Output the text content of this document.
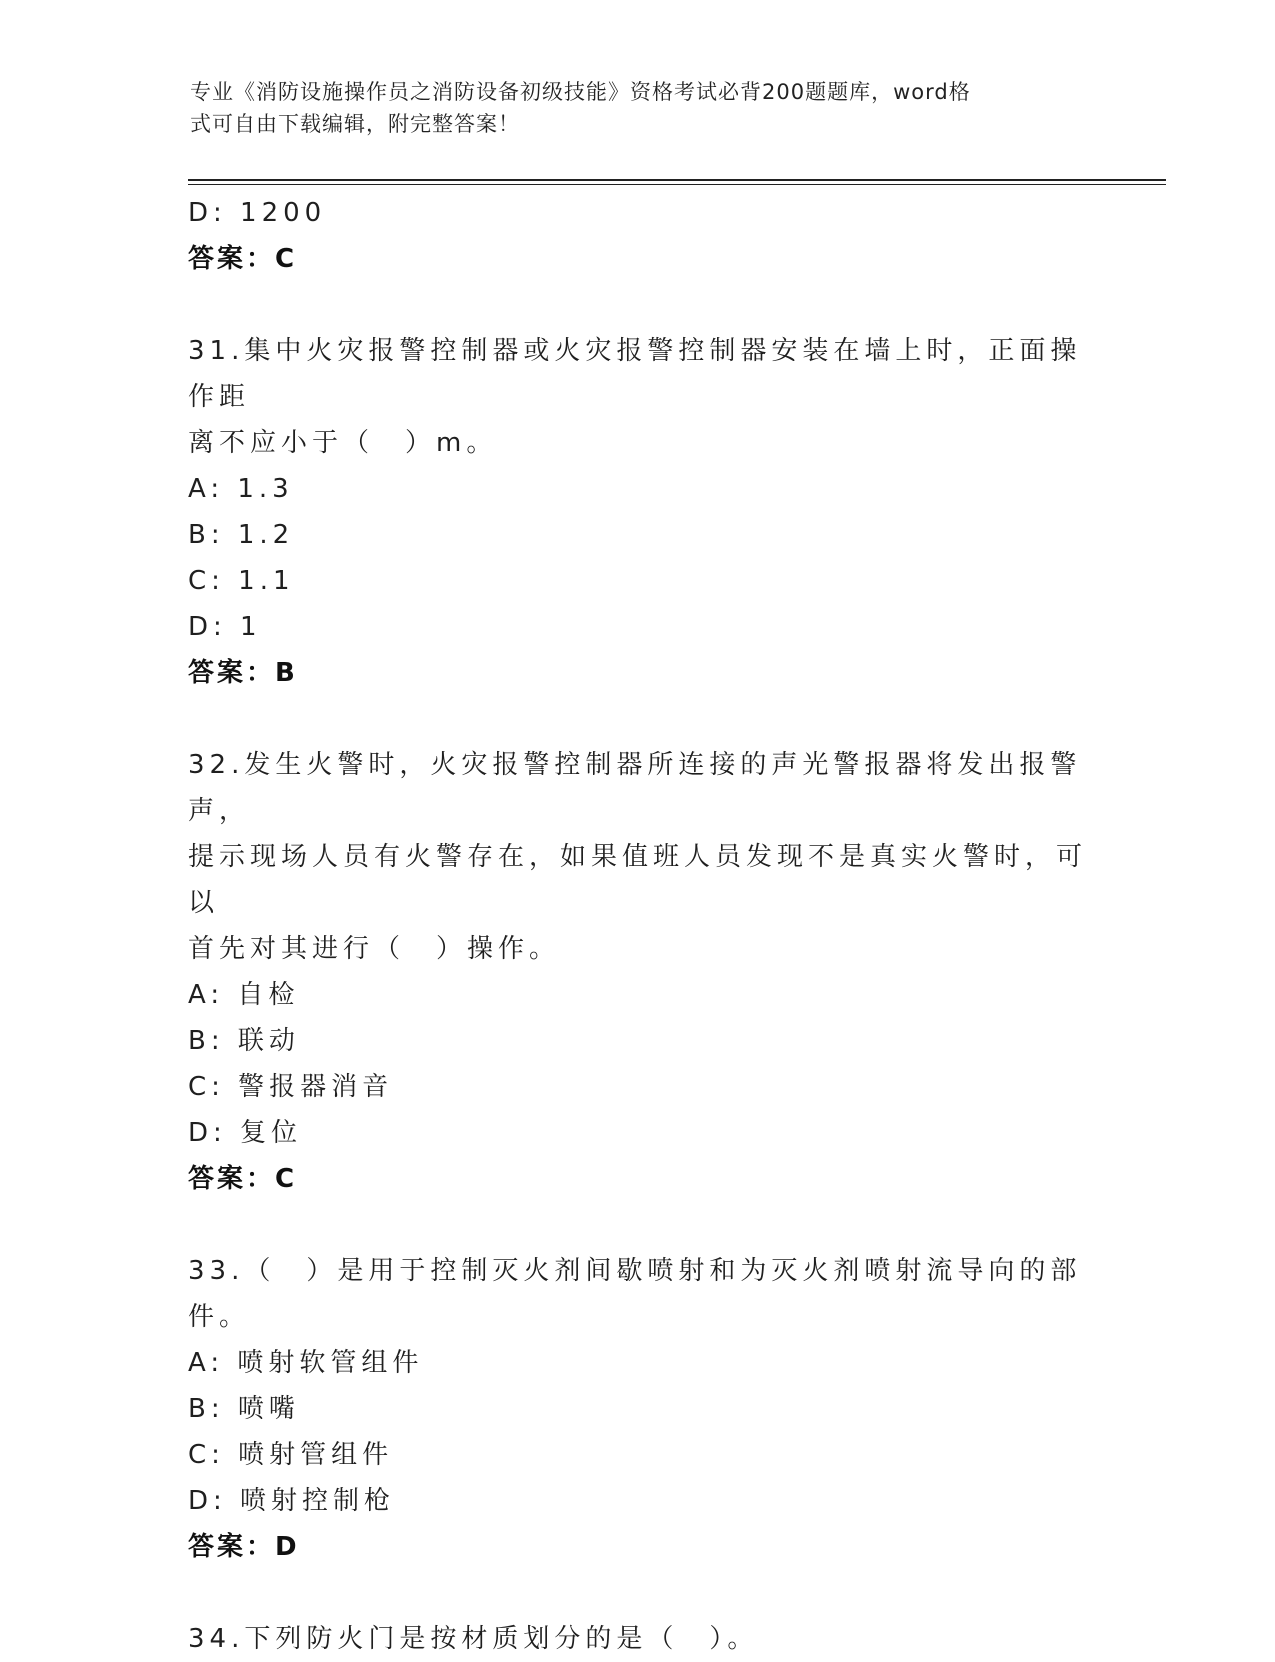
专业《消防设施操作员之消防设备初级技能》资格考试必背200题题库，word格
式可自由下载编辑，附完整答案！
D: 1200
答案：C
31.集中火灾报警控制器或火灾报警控制器安装在墙上时，正面操作距
离不应小于（　）m。
A: 1.3
B: 1.2
C: 1.1
D: 1
答案：B
32.发生火警时，火灾报警控制器所连接的声光警报器将发出报警声，
提示现场人员有火警存在，如果值班人员发现不是真实火警时，可以
首先对其进行（　）操作。
A: 自检
B: 联动
C: 警报器消音
D: 复位
答案：C
33.（　）是用于控制灭火剂间歇喷射和为灭火剂喷射流导向的部件。
A: 喷射软管组件
B: 喷嘴
C: 喷射管组件
D: 喷射控制枪
答案：D
34.下列防火门是按材质划分的是（　）。
